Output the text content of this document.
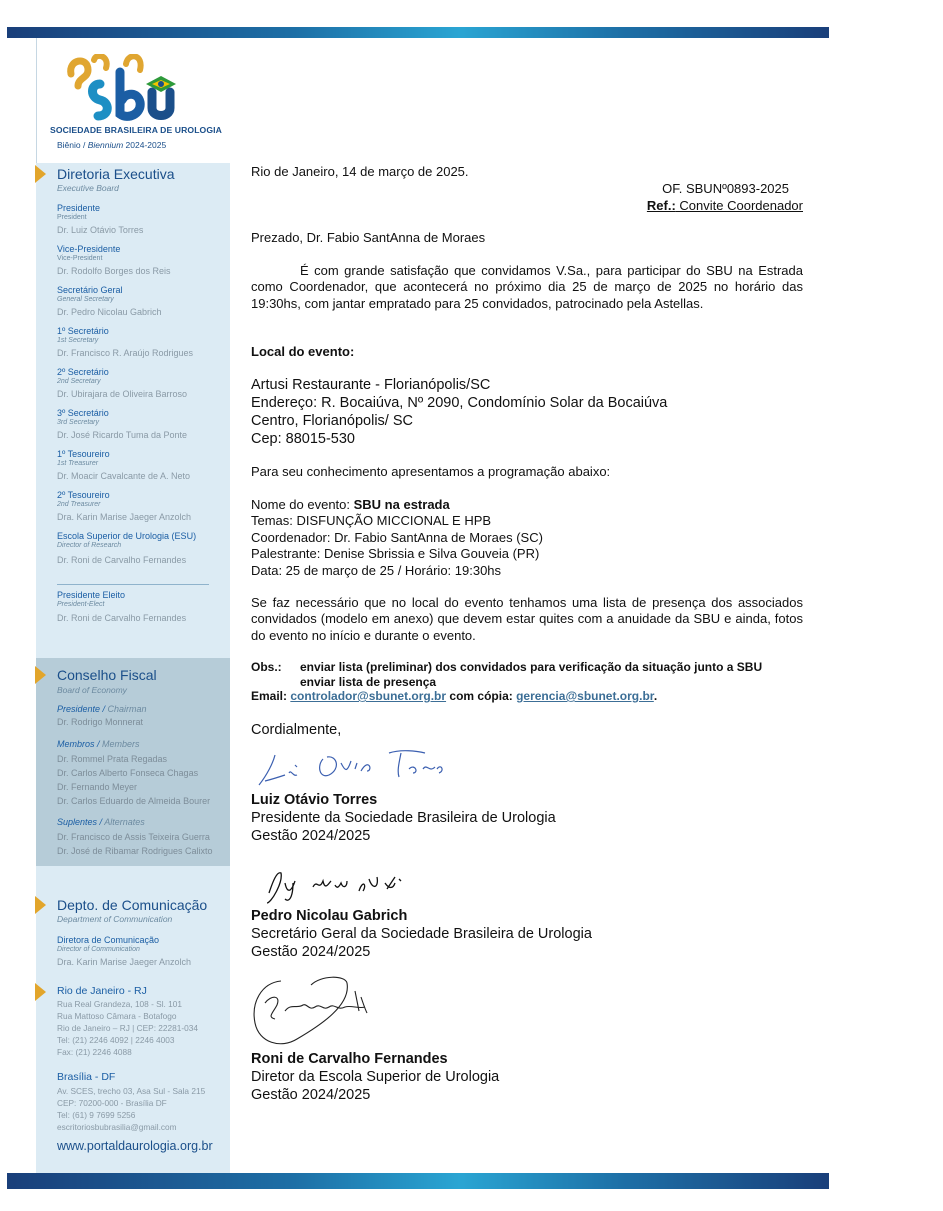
SOCIEDADE BRASILEIRA DE UROLOGIA
Biênio / Biennium 2024-2025
Diretoria Executiva
Executive Board
Presidente
President
Dr. Luiz Otávio Torres
Vice-Presidente
Vice-President
Dr. Rodolfo Borges dos Reis
Secretário Geral
General Secretary
Dr. Pedro Nicolau Gabrich
1º Secretário
1st Secretary
Dr. Francisco R. Araújo Rodrigues
2º Secretário
2nd Secretary
Dr. Ubirajara de Oliveira Barroso
3º Secretário
3rd Secretary
Dr. José Ricardo Tuma da Ponte
1º Tesoureiro
1st Treasurer
Dr. Moacir Cavalcante de A. Neto
2º Tesoureiro
2nd Treasurer
Dra. Karin Marise Jaeger Anzolch
Escola Superior de Urologia (ESU)
Director of Research
Dr. Roni de Carvalho Fernandes
Presidente Eleito
President-Elect
Dr. Roni de Carvalho Fernandes
Conselho Fiscal
Board of Economy
Presidente / Chairman
Dr. Rodrigo Monnerat
Membros / Members
Dr. Rommel Prata Regadas
Dr. Carlos Alberto Fonseca Chagas
Dr. Fernando Meyer
Dr. Carlos Eduardo de Almeida Bourer
Suplentes / Alternates
Dr. Francisco de Assis Teixeira Guerra
Dr. José de Ribamar Rodrigues Calixto
Depto. de Comunicação
Department of Communication
Diretora de Comunicação
Director of Communication
Dra. Karin Marise Jaeger Anzolch
Rio de Janeiro - RJ
Rua Real Grandeza, 108 - Sl. 101
Rua Mattoso Câmara - Botafogo
Rio de Janeiro – RJ | CEP: 22281-034
Tel: (21) 2246 4092 | 2246 4003
Fax: (21) 2246 4088
Brasília - DF
Av. SCES, trecho 03, Asa Sul - Sala 215
CEP: 70200-000 - Brasília DF
Tel: (61) 9 7699 5256
escritoriosbubrasilia@gmail.com
www.portaldaurologia.org.br
Rio de Janeiro, 14 de março de 2025.
OF. SBUNº0893-2025
Ref.: Convite Coordenador
Prezado, Dr. Fabio SantAnna de Moraes
É com grande satisfação que convidamos V.Sa., para participar do SBU na Estrada como Coordenador, que acontecerá no próximo dia 25 de março de 2025 no horário das 19:30hs, com jantar empratado para 25 convidados, patrocinado pela Astellas.
Local do evento:
Artusi Restaurante - Florianópolis/SC
Endereço: R. Bocaiúva, Nº 2090, Condomínio Solar da Bocaiúva
Centro, Florianópolis/ SC
Cep: 88015-530
Para seu conhecimento apresentamos a programação abaixo:
Nome do evento: SBU na estrada
Temas: DISFUNÇÃO MICCIONAL E HPB
Coordenador: Dr. Fabio SantAnna de Moraes (SC)
Palestrante: Denise Sbrissia e Silva Gouveia (PR)
Data: 25 de março de 25 / Horário: 19:30hs
Se faz necessário que no local do evento tenhamos uma lista de presença dos associados convidados (modelo em anexo) que devem estar quites com a anuidade da SBU e ainda, fotos do evento no início e durante o evento.
Obs.: enviar lista (preliminar) dos convidados para verificação da situação junto a SBU
enviar lista de presença
Email: controlador@sbunet.org.br com cópia: gerencia@sbunet.org.br.
Cordialmente,
Luiz Otávio Torres
Presidente da Sociedade Brasileira de Urologia
Gestão 2024/2025
Pedro Nicolau Gabrich
Secretário Geral da Sociedade Brasileira de Urologia
Gestão 2024/2025
Roni de Carvalho Fernandes
Diretor da Escola Superior de Urologia
Gestão 2024/2025
